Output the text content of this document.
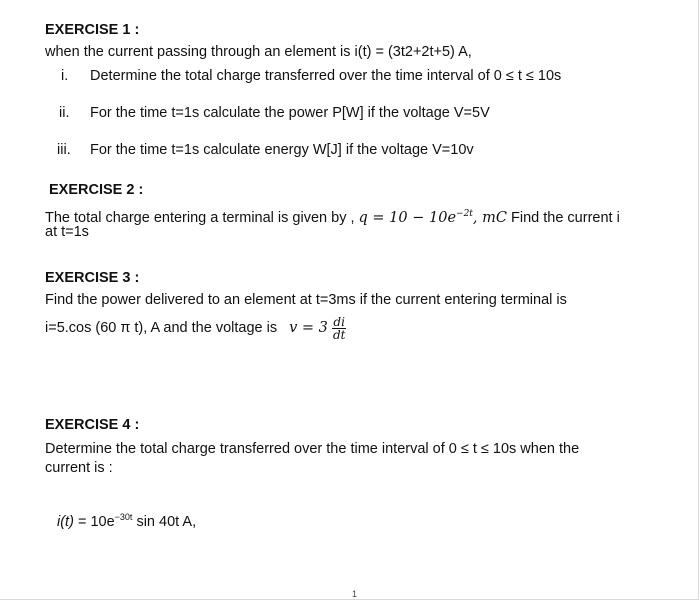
EXERCISE 1 :
when the current passing through an element is i(t) = (3t2+2t+5) A,
i. Determine the total charge transferred over the time interval of 0 ≤ t ≤ 10s
ii. For the time t=1s calculate the power P[W] if the voltage V=5V
iii. For the time t=1s calculate energy W[J] if the voltage V=10v
EXERCISE 2 :
The total charge entering a terminal is given by , $q = 10 - 10e^{-2t}$, mC Find the current i
at t=1s
EXERCISE 3 :
Find the power delivered to an element at t=3ms if the current entering terminal is
i=5.cos (60 π t), A and the voltage is $v = 3 \frac{di}{dt}$
EXERCISE 4 :
Determine the total charge transferred over the time interval of 0 ≤ t ≤ 10s when the
current is :
$i(t) = 10e^{-30t}$ sin 40t A,
1
